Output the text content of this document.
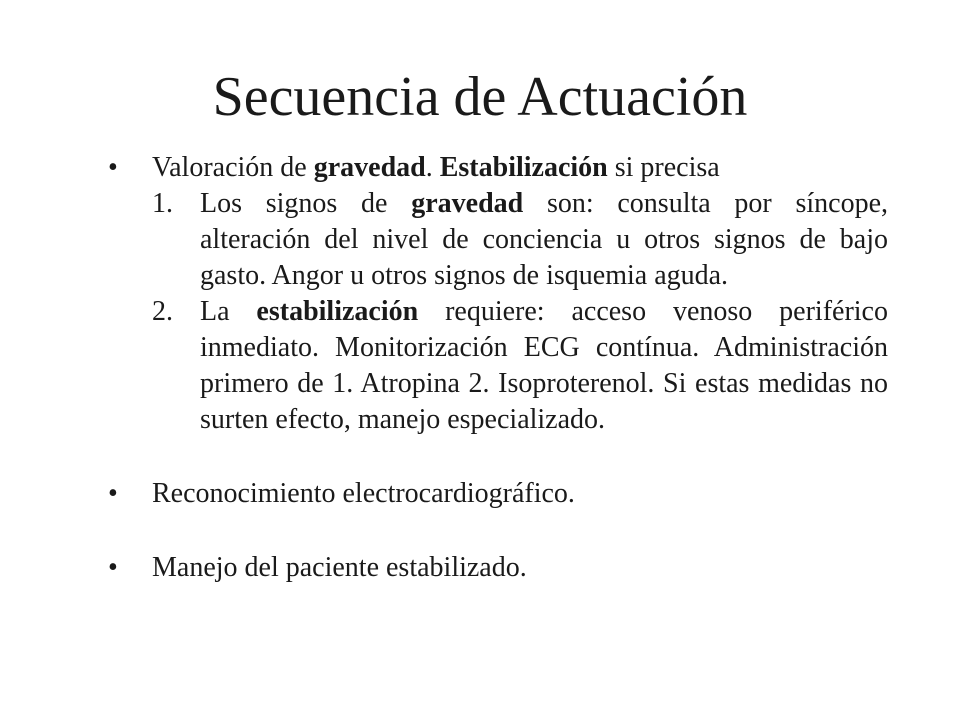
Secuencia de Actuación
•	Valoración de gravedad. Estabilización si precisa
1. Los signos de gravedad son: consulta por síncope, alteración del nivel de conciencia u otros signos de bajo gasto. Angor u otros signos de isquemia aguda.
2. La estabilización requiere: acceso venoso periférico inmediato. Monitorización ECG contínua. Administración primero de 1. Atropina 2. Isoproterenol. Si estas medidas no surten efecto, manejo especializado.
•	Reconocimiento electrocardiográfico.
•	Manejo del paciente estabilizado.
